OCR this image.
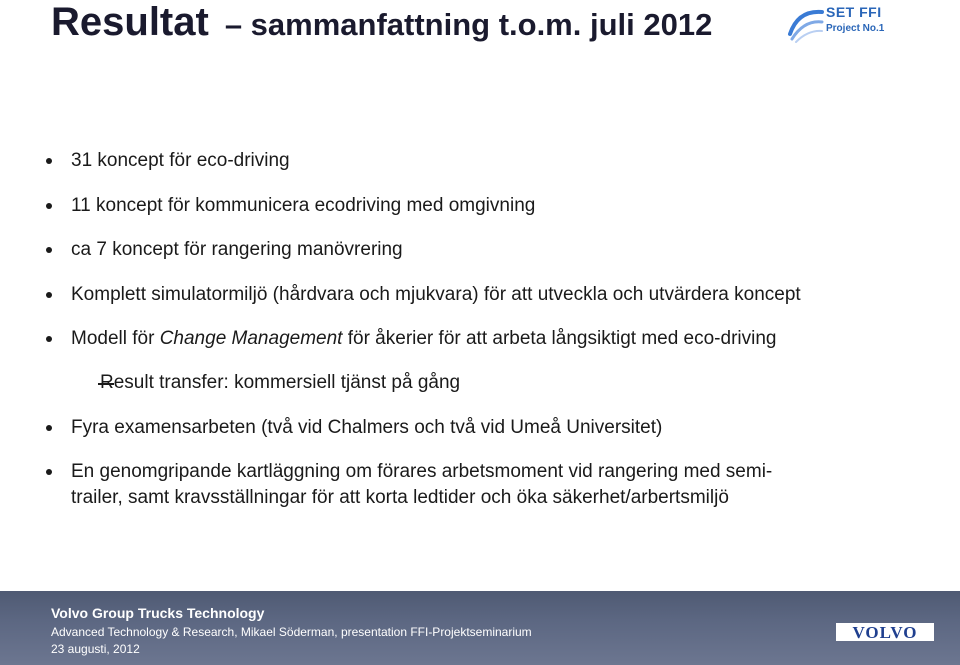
Resultat – sammanfattning t.o.m. juli 2012	SET FFI
Project No.1
31 koncept för eco-driving
11 koncept för kommunicera ecodriving med omgivning
ca 7 koncept för rangering manövrering
Komplett simulatormiljö (hårdvara och mjukvara) för att utveckla och utvärdera koncept
Modell för Change Management för åkerier för att arbeta långsiktigt med eco-driving
Result transfer: kommersiell tjänst på gång
Fyra examensarbeten (två vid Chalmers och två vid Umeå Universitet)
En genomgripande kartläggning om förares arbetsmoment vid rangering med semi-
trailer, samt kravsställningar för att korta ledtider och öka säkerhet/arbertsmiljö
Volvo Group Trucks Technology
Advanced Technology & Research, Mikael Söderman, presentation FFI-Projektseminarium
23 augusti, 2012
VOLVO
